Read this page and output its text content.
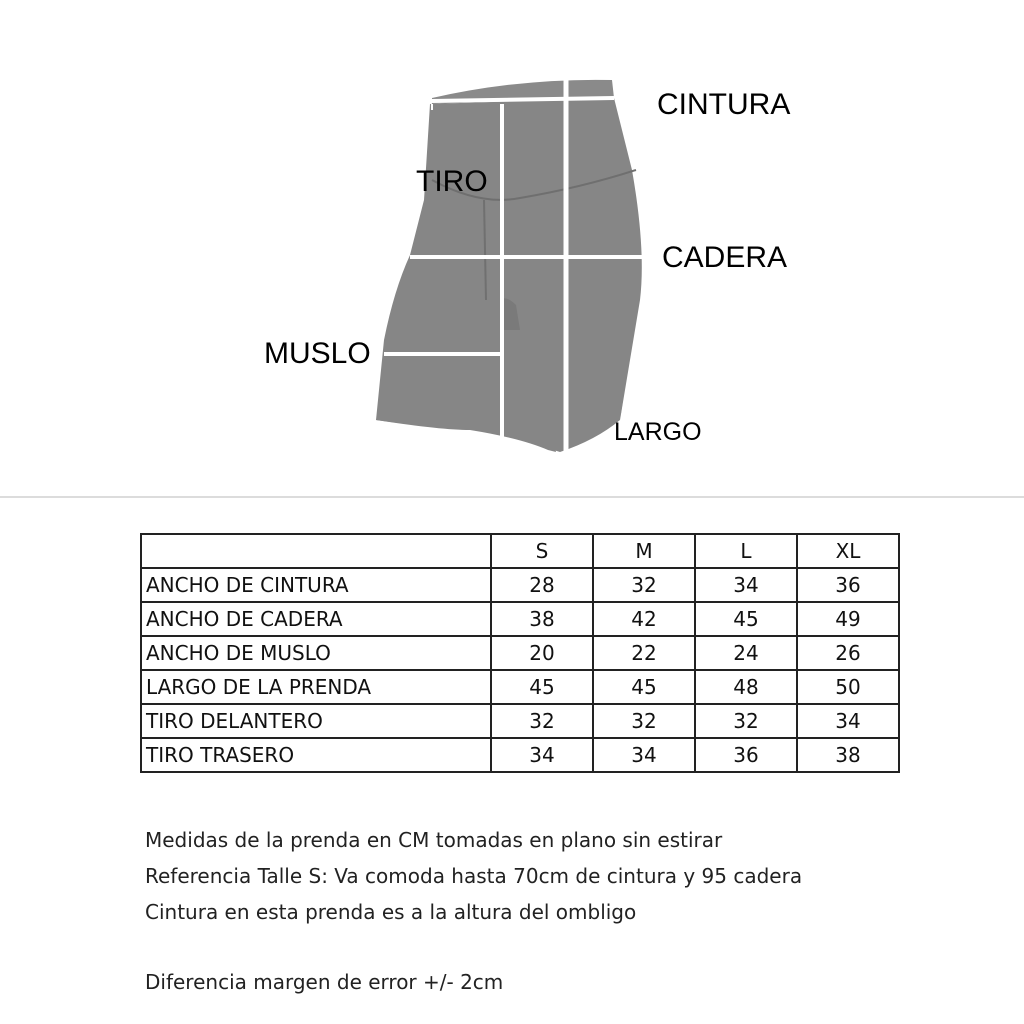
CINTURA
TIRO
CADERA
MUSLO
LARGO
	S	M	L	XL
ANCHO DE CINTURA	28	32	34	36
ANCHO DE CADERA	38	42	45	49
ANCHO DE MUSLO	20	22	24	26
LARGO DE LA PRENDA	45	45	48	50
TIRO DELANTERO	32	32	32	34
TIRO TRASERO	34	34	36	38
Medidas de la prenda en CM tomadas en plano sin estirar
Referencia Talle S: Va comoda hasta 70cm de cintura y 95 cadera
Cintura en esta prenda es a la altura del ombligo
Diferencia margen de error +/- 2cm
